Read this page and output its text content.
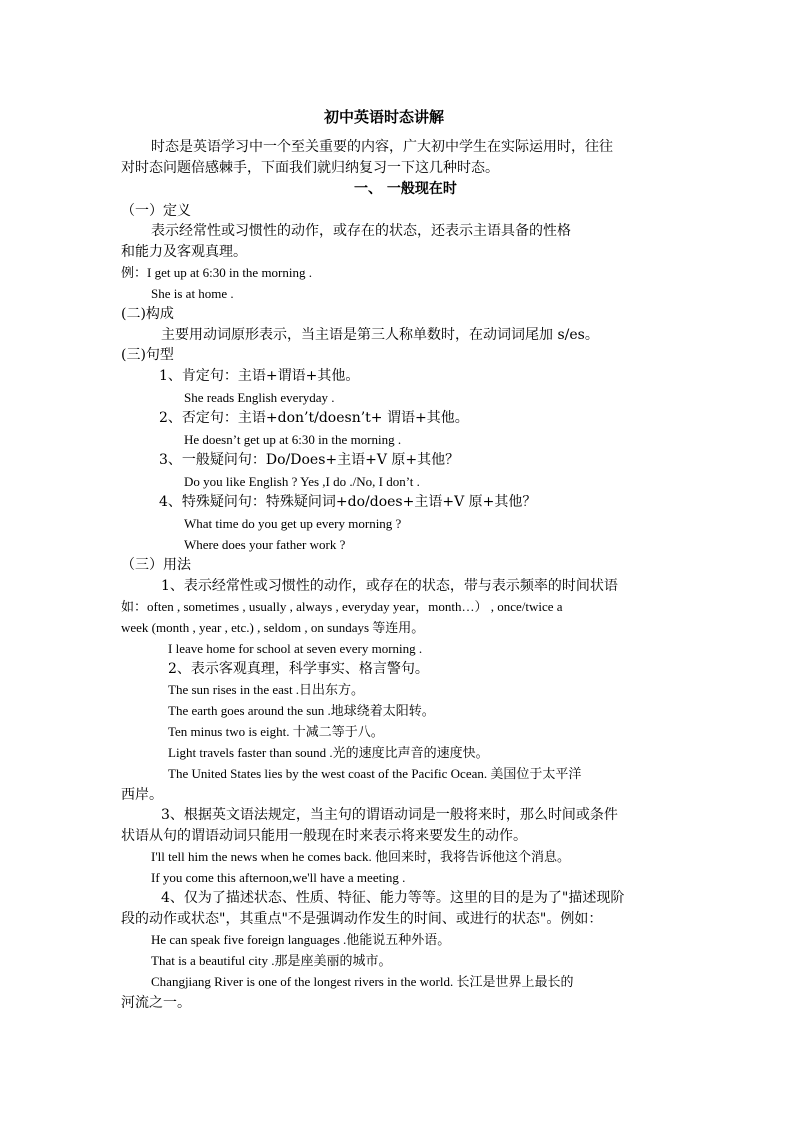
初中英语时态讲解
时态是英语学习中一个至关重要的内容，广大初中学生在实际运用时，往往
对时态问题倍感棘手，下面我们就归纳复习一下这几种时态。
一、 一般现在时
（一）定义
表示经常性或习惯性的动作，或存在的状态，还表示主语具备的性格
和能力及客观真理。
例：I get up at 6:30 in the morning .
She is at home .
(二)构成
主要用动词原形表示，当主语是第三人称单数时，在动词词尾加 s/es。
(三)句型
1、肯定句：主语+谓语+其他。
She reads English everyday .
2、否定句：主语+don’t/doesn’t+ 谓语+其他。
He doesn’t get up at 6:30 in the morning .
3、一般疑问句：Do/Does+主语+V 原+其他？
Do you like English ? Yes ,I do ./No, I don’t .
4、特殊疑问句：特殊疑问词+do/does+主语+V 原+其他？
What time do you get up every morning ?
Where does your father work ?
（三）用法
1、表示经常性或习惯性的动作，或存在的状态，带与表示频率的时间状语
如：often , sometimes , usually , always , everyday year，month…） , once/twice a
week (month , year , etc.) , seldom , on sundays 等连用。
I leave home for school at seven every morning .
2、表示客观真理，科学事实、格言警句。
The sun rises in the east .日出东方。
The earth goes around the sun .地球绕着太阳转。
Ten minus two is eight. 十减二等于八。
Light travels faster than sound .光的速度比声音的速度快。
The United States lies by the west coast of the Pacific Ocean. 美国位于太平洋
西岸。
3、根据英文语法规定，当主句的谓语动词是一般将来时，那么时间或条件
状语从句的谓语动词只能用一般现在时来表示将来要发生的动作。
I'll tell him the news when he comes back. 他回来时，我将告诉他这个消息。
If you come this afternoon,we'll have a meeting .
4、仅为了描述状态、性质、特征、能力等等。这里的目的是为了"描述现阶
段的动作或状态"，其重点"不是强调动作发生的时间、或进行的状态"。例如：
He can speak five foreign languages .他能说五种外语。
That is a beautiful city .那是座美丽的城市。
Changjiang River is one of the longest rivers in the world. 长江是世界上最长的
河流之一。
